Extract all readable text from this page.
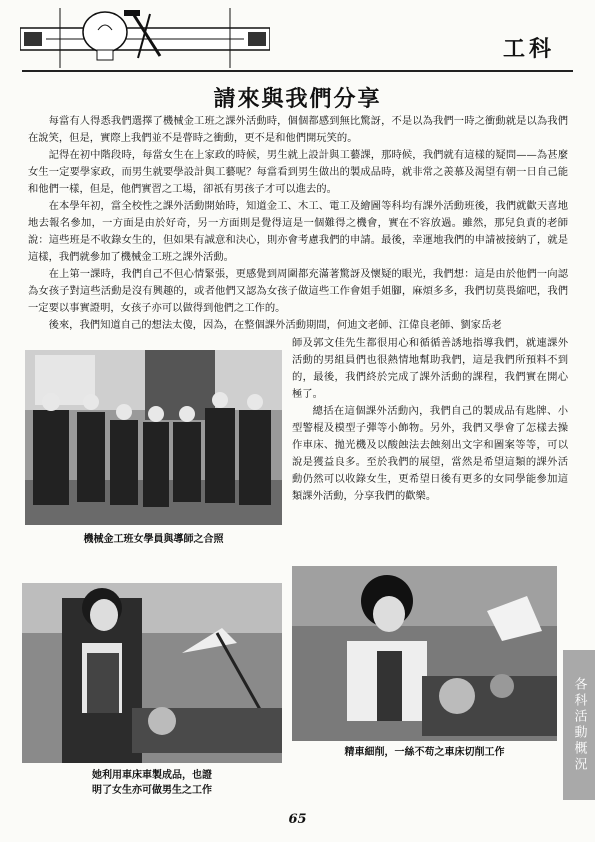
工科
請來與我們分享

每當有人得悉我們選擇了機械金工班之課外活動時，個個都感到無比驚訝，不是以為我們一時之衝動就是以為我們在說笑，但是，實際上我們並不是瞢時之衝動，更不是和他們開玩笑的。

記得在初中階段時，每當女生在上家政的時候，男生就上設計與工藝課，那時候，我們就有這樣的疑問——為甚麼女生一定要學家政，而男生就要學設計與工藝呢？每當看到男生做出的製成品時，就非常之羨慕及渴望有朝一日自己能和他們一樣，但是，他們實習之工場，卻祇有男孩子才可以進去的。

在本學年初，當全校性之課外活動開始時，知道金工、木工、電工及繪圖等科均有課外活動班後，我們就歡天喜地地去報名參加，一方面是由於好奇，另一方面則是覺得這是一個難得之機會，實在不容放過。雖然，那兒負責的老師說：這些班是不收錄女生的，但如果有誠意和決心，則亦會考慮我們的申請。最後，幸運地我們的申請被接納了，就是這樣，我們就參加了機械金工班之課外活動。

在上第一課時，我們自己不但心情緊張，更感覺到周圍都充滿著驚訝及懷疑的眼光，我們想：這是由於他們一向認為女孩子對這些活動是沒有興趣的，或者他們又認為女孩子做這些工作會姐手姐腳，麻煩多多，我們切莫畏縮吧，我們一定要以事實證明，女孩子亦可以做得到他們之工作的。

後來，我們知道自己的想法太傻，因為，在整個課外活動期間，何迪文老師、江偉良老師、劉家岳老

機械金工班女學員與導師之合照

師及郭文佳先生都很用心和循循善誘地指導我們，就連課外活動的男組員們也很熱情地幫助我們，這是我們所預料不到的，最後，我們終於完成了課外活動的課程，我們實在開心極了。

總括在這個課外活動內，我們自己的製成品有匙牌、小型警棍及模型子彈等小飾物。另外，我們又學會了怎樣去操作車床、拋光機及以酸蝕法去蝕刻出文字和圖案等等，可以說是獲益良多。至於我們的展望，當然是希望這類的課外活動仍然可以收錄女生，更希望日後有更多的女同學能參加這類課外活動，分享我們的歡樂。

她利用車床車製成品，也證
明了女生亦可做男生之工作
精車細削，一絲不苟之車床切削工作	各科活動概況
65
